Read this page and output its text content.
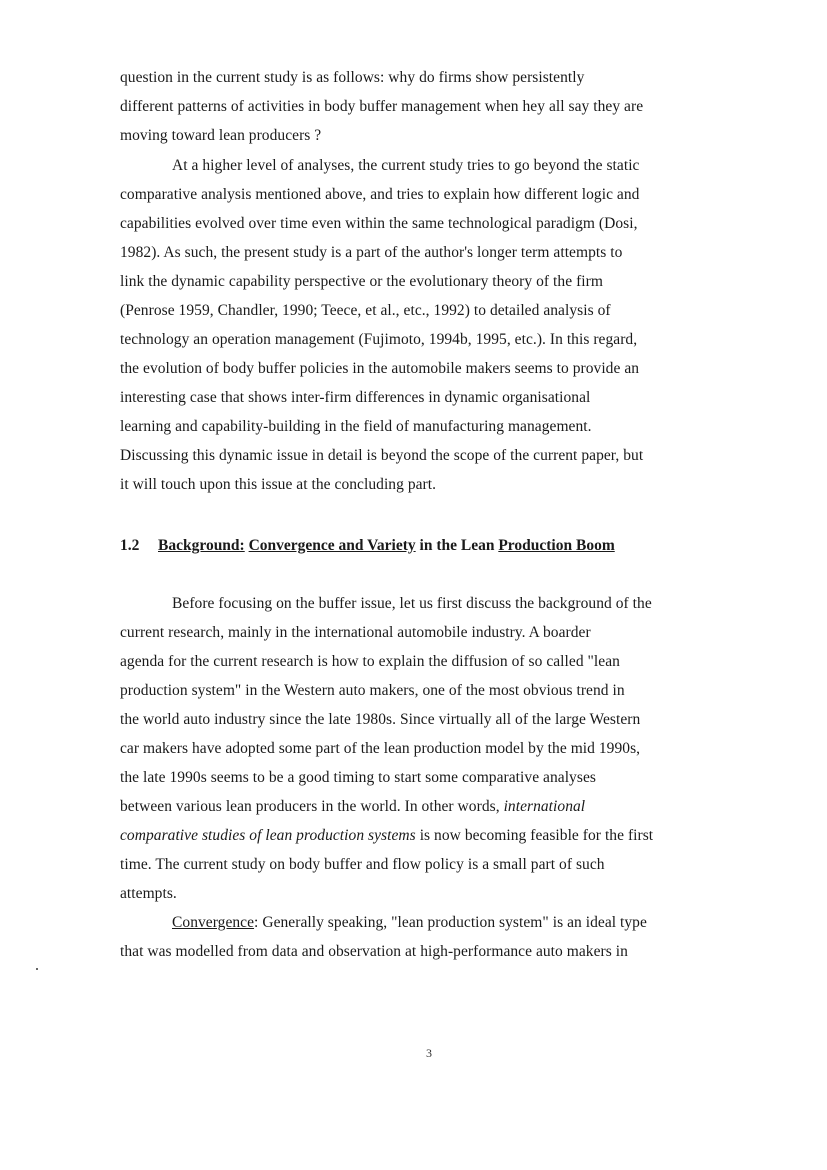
question in the current study is as follows: why do firms show persistently
different patterns of activities in body buffer management when hey all say they are
moving toward lean producers ?
At a higher level of analyses, the current study tries to go beyond the static
comparative analysis mentioned above, and tries to explain how different logic and
capabilities evolved over time even within the same technological paradigm (Dosi,
1982). As such, the present study is a part of the author's longer term attempts to
link the dynamic capability perspective or the evolutionary theory of the firm
(Penrose 1959, Chandler, 1990; Teece, et al., etc., 1992) to detailed analysis of
technology an operation management (Fujimoto, 1994b, 1995, etc.). In this regard,
the evolution of body buffer policies in the automobile makers seems to provide an
interesting case that shows inter-firm differences in dynamic organisational
learning and capability-building in the field of manufacturing management.
Discussing this dynamic issue in detail is beyond the scope of the current paper, but
it will touch upon this issue at the concluding part.
1.2 Background: Convergence and Variety in the Lean Production Boom
Before focusing on the buffer issue, let us first discuss the background of the
current research, mainly in the international automobile industry. A boarder
agenda for the current research is how to explain the diffusion of so called "lean
production system" in the Western auto makers, one of the most obvious trend in
the world auto industry since the late 1980s. Since virtually all of the large Western
car makers have adopted some part of the lean production model by the mid 1990s,
the late 1990s seems to be a good timing to start some comparative analyses
between various lean producers in the world. In other words, international
comparative studies of lean production systems is now becoming feasible for the first
time. The current study on body buffer and flow policy is a small part of such
attempts.
Convergence: Generally speaking, "lean production system" is an ideal type
that was modelled from data and observation at high-performance auto makers in
3
